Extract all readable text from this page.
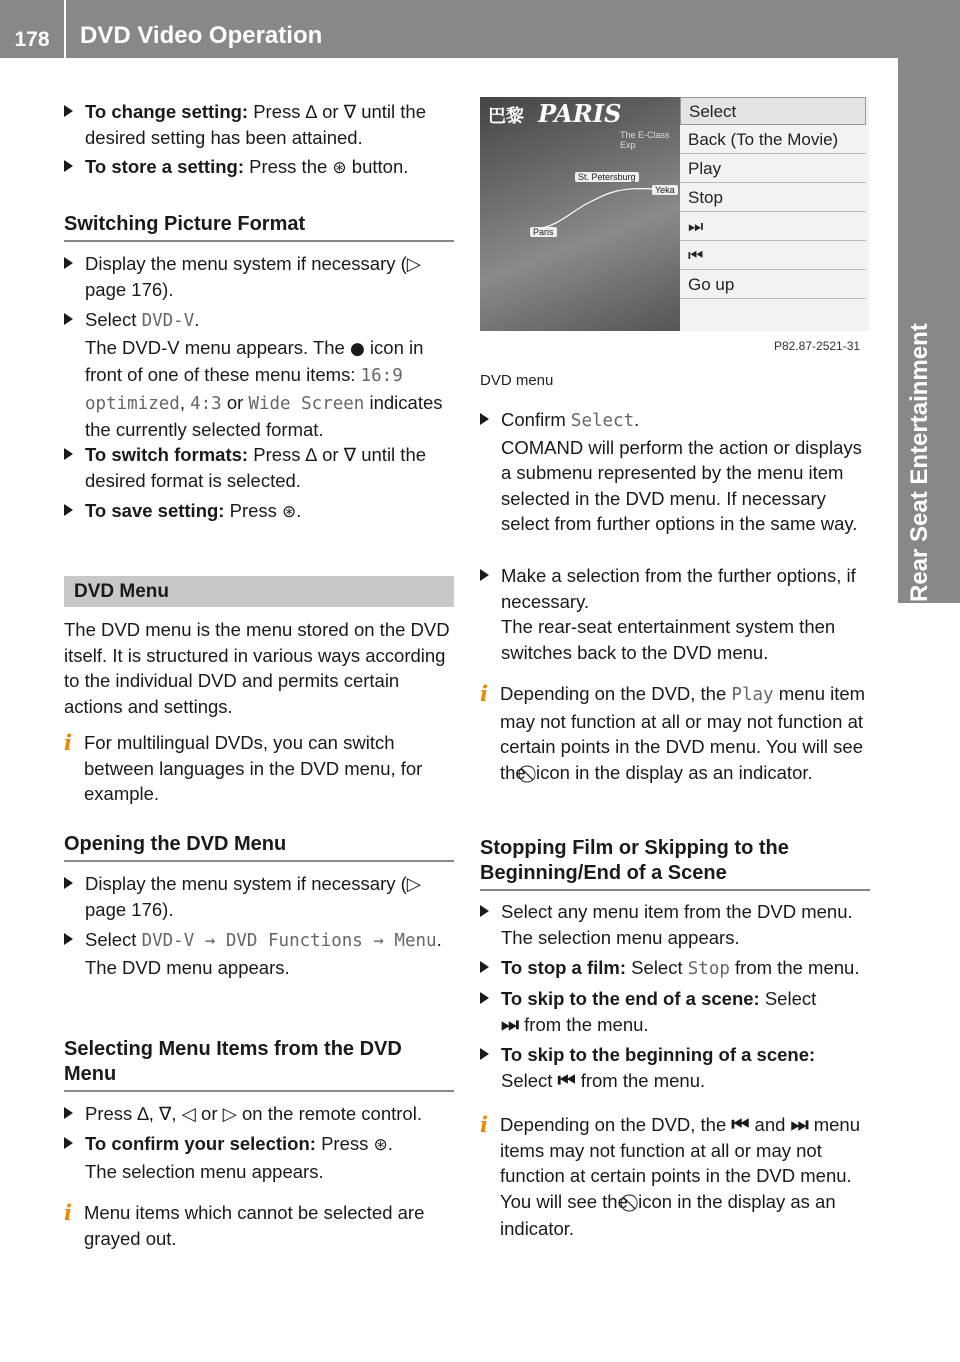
178	DVD Video Operation
Rear Seat Entertainment
To change setting: Press ∆ or ∇ until the desired setting has been attained.
To store a setting: Press the ⊛ button.
Switching Picture Format
Display the menu system if necessary (▷ page 176).
Select DVD-V.
The DVD-V menu appears. The ● icon in front of one of these menu items: 16:9 optimized, 4:3 or Wide Screen indicates the currently selected format.
To switch formats: Press ∆ or ∇ until the desired format is selected.
To save setting: Press ⊛.
DVD Menu
The DVD menu is the menu stored on the DVD itself. It is structured in various ways according to the individual DVD and permits certain actions and settings.
i For multilingual DVDs, you can switch between languages in the DVD menu, for example.
Opening the DVD Menu
Display the menu system if necessary (▷ page 176).
Select DVD-V → DVD Functions → Menu.
The DVD menu appears.
Selecting Menu Items from the DVD Menu
Press ∆, ∇, ◁ or ▷ on the remote control.
To confirm your selection: Press ⊛.
The selection menu appears.
i Menu items which cannot be selected are grayed out.
巴黎 PARIS
The E-Class Exp
St. Petersburg
Yeka
Paris
Select
Back (To the Movie)
Play
Stop
⏭
⏮
Go up
P82.87-2521-31
DVD menu
Confirm Select.
COMAND will perform the action or displays a submenu represented by the menu item selected in the DVD menu. If necessary select from further options in the same way.
Make a selection from the further options, if necessary.
The rear-seat entertainment system then switches back to the DVD menu.
i Depending on the DVD, the Play menu item may not function at all or may not function at certain points in the DVD menu. You will see the icon in the display as an indicator.
Stopping Film or Skipping to the Beginning/End of a Scene
Select any menu item from the DVD menu. The selection menu appears.
To stop a film: Select Stop from the menu.
To skip to the end of a scene: Select
⏭ from the menu.
To skip to the beginning of a scene:
Select ⏮ from the menu.
i Depending on the DVD, the ⏮ and ⏭ menu items may not function at all or may not function at certain points in the DVD menu. You will see the icon in the display as an indicator.
